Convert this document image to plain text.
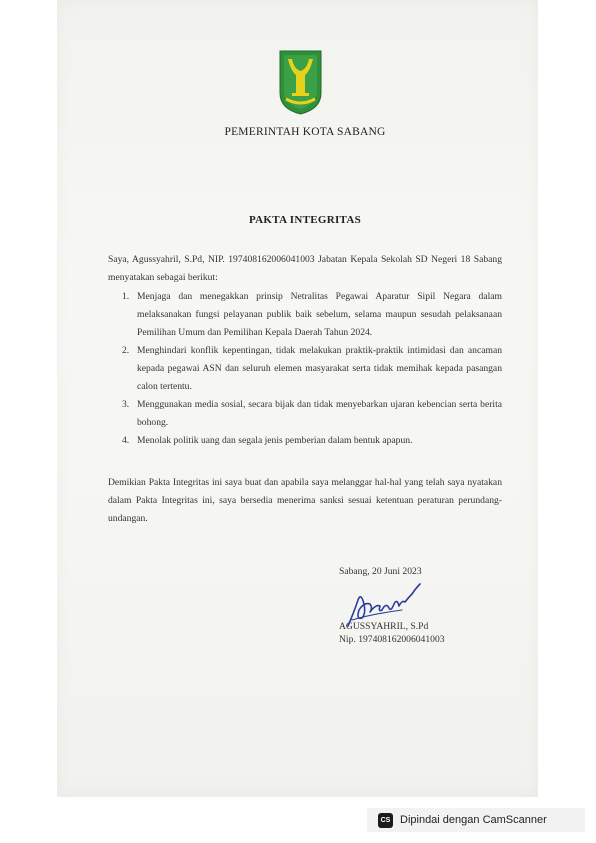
PEMERINTAH KOTA SABANG
PAKTA INTEGRITAS
Saya, Agussyahril, S.Pd, NIP. 197408162006041003 Jabatan Kepala Sekolah SD Negeri 18 Sabang menyatakan sebagai berikut:
1. Menjaga dan menegakkan prinsip Netralitas Pegawai Aparatur Sipil Negara dalam melaksanakan fungsi pelayanan publik baik sebelum, selama maupun sesudah pelaksanaan Pemilihan Umum dan Pemilihan Kepala Daerah Tahun 2024.
2. Menghindari konflik kepentingan, tidak melakukan praktik-praktik intimidasi dan ancaman kepada pegawai ASN dan seluruh elemen masyarakat serta tidak memihak kepada pasangan calon tertentu.
3. Menggunakan media sosial, secara bijak dan tidak menyebarkan ujaran kebencian serta berita bohong.
4. Menolak politik uang dan segala jenis pemberian dalam bentuk apapun.
Demikian Pakta Integritas ini saya buat dan apabila saya melanggar hal-hal yang telah saya nyatakan dalam Pakta Integritas ini, saya bersedia menerima sanksi sesuai ketentuan peraturan perundang-undangan.
Sabang, 20 Juni 2023
AGUSSYAHRIL, S.Pd
Nip. 197408162006041003
CS Dipindai dengan CamScanner
